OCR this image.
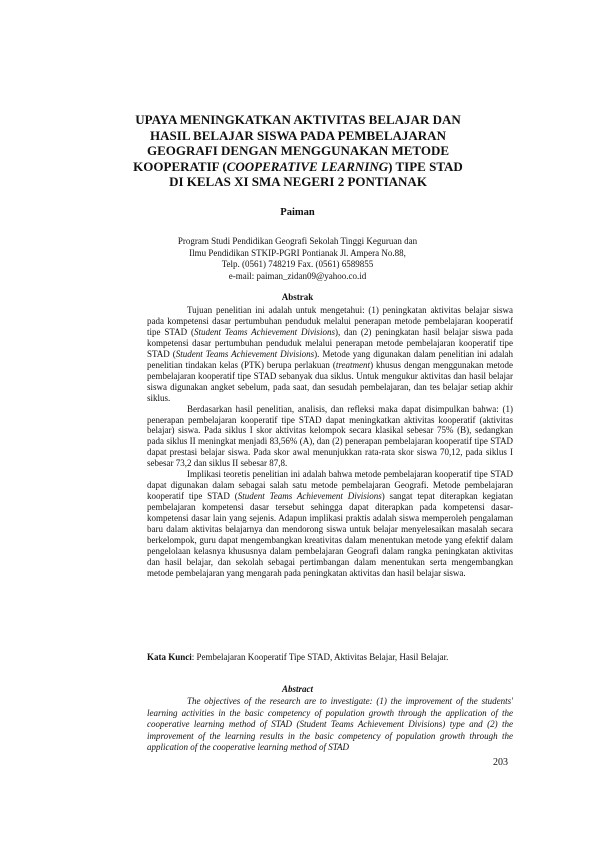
UPAYA MENINGKATKAN AKTIVITAS BELAJAR DAN
HASIL BELAJAR SISWA PADA PEMBELAJARAN
GEOGRAFI DENGAN MENGGUNAKAN METODE
KOOPERATIF (COOPERATIVE LEARNING) TIPE STAD
DI KELAS XI SMA NEGERI 2 PONTIANAK
Paiman
Program Studi Pendidikan Geografi Sekolah Tinggi Keguruan dan
Ilmu Pendidikan STKIP-PGRI Pontianak Jl. Ampera No.88,
Telp. (0561) 748219 Fax. (0561) 6589855
e-mail: paiman_zidan09@yahoo.co.id
Abstrak

Tujuan penelitian ini adalah untuk mengetahui: (1) peningkatan aktivitas belajar siswa pada kompetensi dasar pertumbuhan penduduk melalui penerapan metode pembelajaran kooperatif tipe STAD (Student Teams Achievement Divisions), dan (2) peningkatan hasil belajar siswa pada kompetensi dasar pertumbuhan penduduk melalui penerapan metode pembelajaran kooperatif tipe STAD (Student Teams Achievement Divisions). Metode yang digunakan dalam penelitian ini adalah penelitian tindakan kelas (PTK) berupa perlakuan (treatment) khusus dengan menggunakan metode pembelajaran kooperatif tipe STAD sebanyak dua siklus. Untuk mengukur aktivitas dan hasil belajar siswa digunakan angket sebelum, pada saat, dan sesudah pembelajaran, dan tes belajar setiap akhir siklus.

Berdasarkan hasil penelitian, analisis, dan refleksi maka dapat disimpulkan bahwa: (1) penerapan pembelajaran kooperatif tipe STAD dapat meningkatkan aktivitas kooperatif (aktivitas belajar) siswa. Pada siklus I skor aktivitas kelompok secara klasikal sebesar 75% (B), sedangkan pada siklus II meningkat menjadi 83,56% (A), dan (2) penerapan pembelajaran kooperatif tipe STAD dapat prestasi belajar siswa. Pada skor awal menunjukkan rata-rata skor siswa 70,12, pada siklus I sebesar 73,2 dan siklus II sebesar 87,8.

Implikasi teoretis penelitian ini adalah bahwa metode pembelajaran kooperatif tipe STAD dapat digunakan dalam sebagai salah satu metode pembelajaran Geografi. Metode pembelajaran kooperatif tipe STAD (Student Teams Achievement Divisions) sangat tepat diterapkan kegiatan pembelajaran kompetensi dasar tersebut sehingga dapat diterapkan pada kompetensi dasar-kompetensi dasar lain yang sejenis. Adapun implikasi praktis adalah siswa memperoleh pengalaman baru dalam aktivitas belajarnya dan mendorong siswa untuk belajar menyelesaikan masalah secara berkelompok, guru dapat mengembangkan kreativitas dalam menentukan metode yang efektif dalam pengelolaan kelasnya khususnya dalam pembelajaran Geografi dalam rangka peningkatan aktivitas dan hasil belajar, dan sekolah sebagai pertimbangan dalam menentukan serta mengembangkan metode pembelajaran yang mengarah pada peningkatan aktivitas dan hasil belajar siswa.

Kata Kunci: Pembelajaran Kooperatif Tipe STAD, Aktivitas Belajar, Hasil Belajar.
Abstract

The objectives of the research are to investigate: (1) the improvement of the students' learning activities in the basic competency of population growth through the application of the cooperative learning method of STAD (Student Teams Achievement Divisions) type and (2) the improvement of the learning results in the basic competency of population growth through the application of the cooperative learning method of STAD

203
